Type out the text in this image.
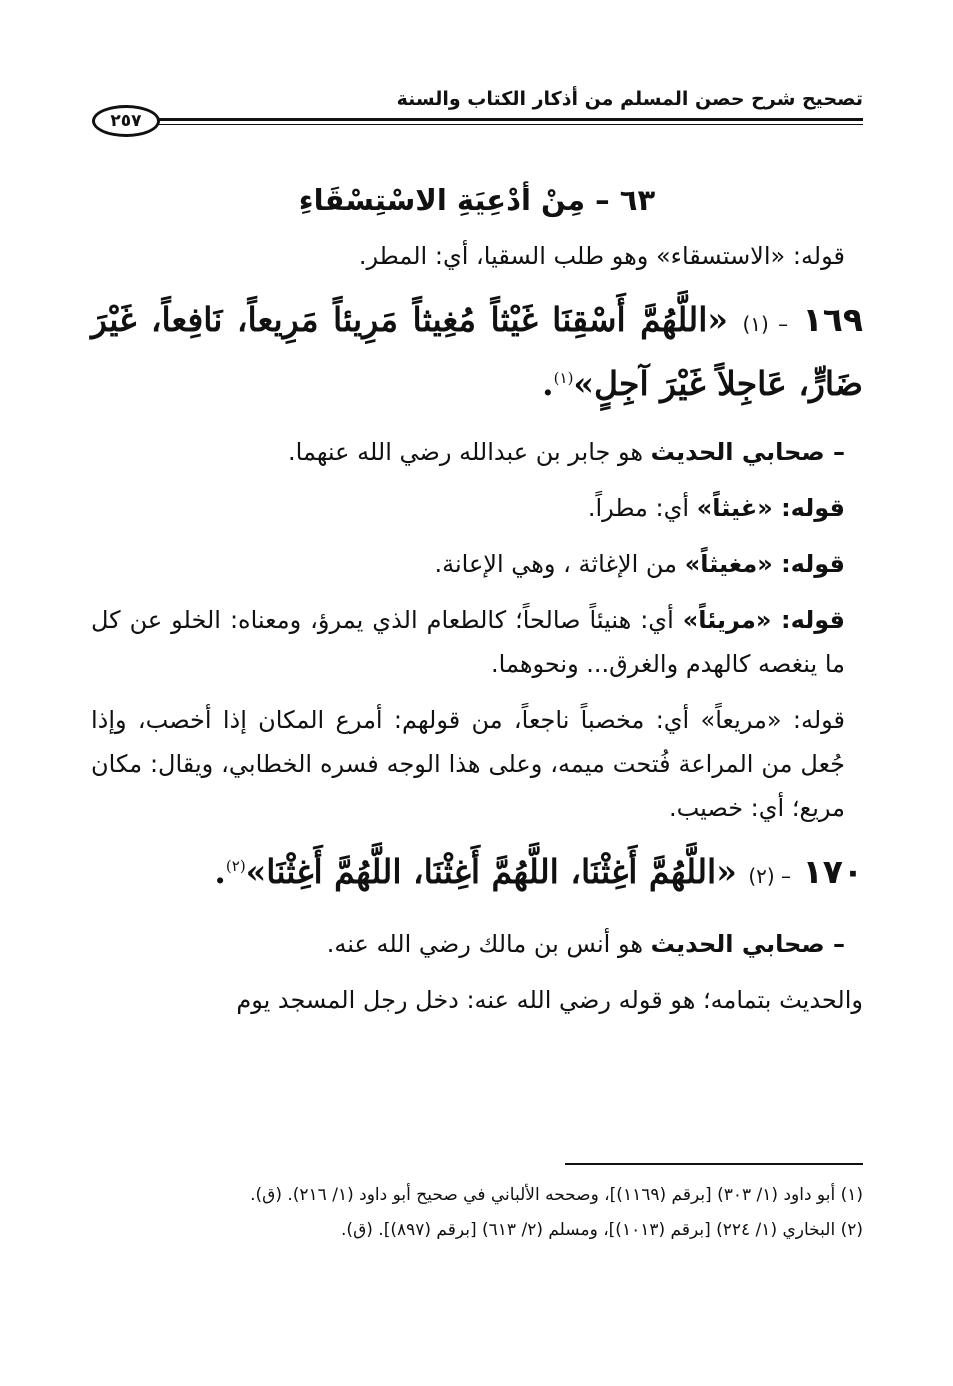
تصحيح شرح حصن المسلم من أذكار الكتاب والسنة
٢٥٧
٦٣ – مِنْ أدْعِيَةِ الاسْتِسْقَاءِ

قوله: «الاستسقاء» وهو طلب السقيا، أي: المطر.

١٦٩ – (١) «اللَّهُمَّ أَسْقِنَا غَيْثاً مُغِيثاً مَرِيئاً مَرِيعاً، نَافِعاً، غَيْرَ ضَارٍّ، عَاجِلاً غَيْرَ آجِلٍ»$^{(١)}$.

– صحابي الحديث هو جابر بن عبدالله رضي الله عنهما.

قوله: «غيثاً» أي: مطراً.

قوله: «مغيثاً» من الإغاثة ، وهي الإعانة.

قوله: «مريئاً» أي: هنيئاً صالحاً؛ كالطعام الذي يمرؤ، ومعناه: الخلو عن كل ما ينغصه كالهدم والغرق... ونحوهما.

قوله: «مريعاً» أي: مخصباً ناجعاً، من قولهم: أمرع المكان إذا أخصب، وإذا جُعل من المراعة فُتحت ميمه، وعلى هذا الوجه فسره الخطابي، ويقال: مكان مريع؛ أي: خصيب.

١٧٠ – (٢) «اللَّهُمَّ أَغِثْنَا، اللَّهُمَّ أَغِثْنَا، اللَّهُمَّ أَغِثْنَا»$^{(٢)}$.

– صحابي الحديث هو أنس بن مالك رضي الله عنه.

والحديث بتمامه؛ هو قوله رضي الله عنه: دخل رجل المسجد يوم

(١) أبو داود (١/ ٣٠٣) [برقم (١١٦٩)]، وصححه الألباني في صحيح أبو داود (١/ ٢١٦). (ق).

(٢) البخاري (١/ ٢٢٤) [برقم (١٠١٣)]، ومسلم (٢/ ٦١٣) [برقم (٨٩٧)]. (ق).
